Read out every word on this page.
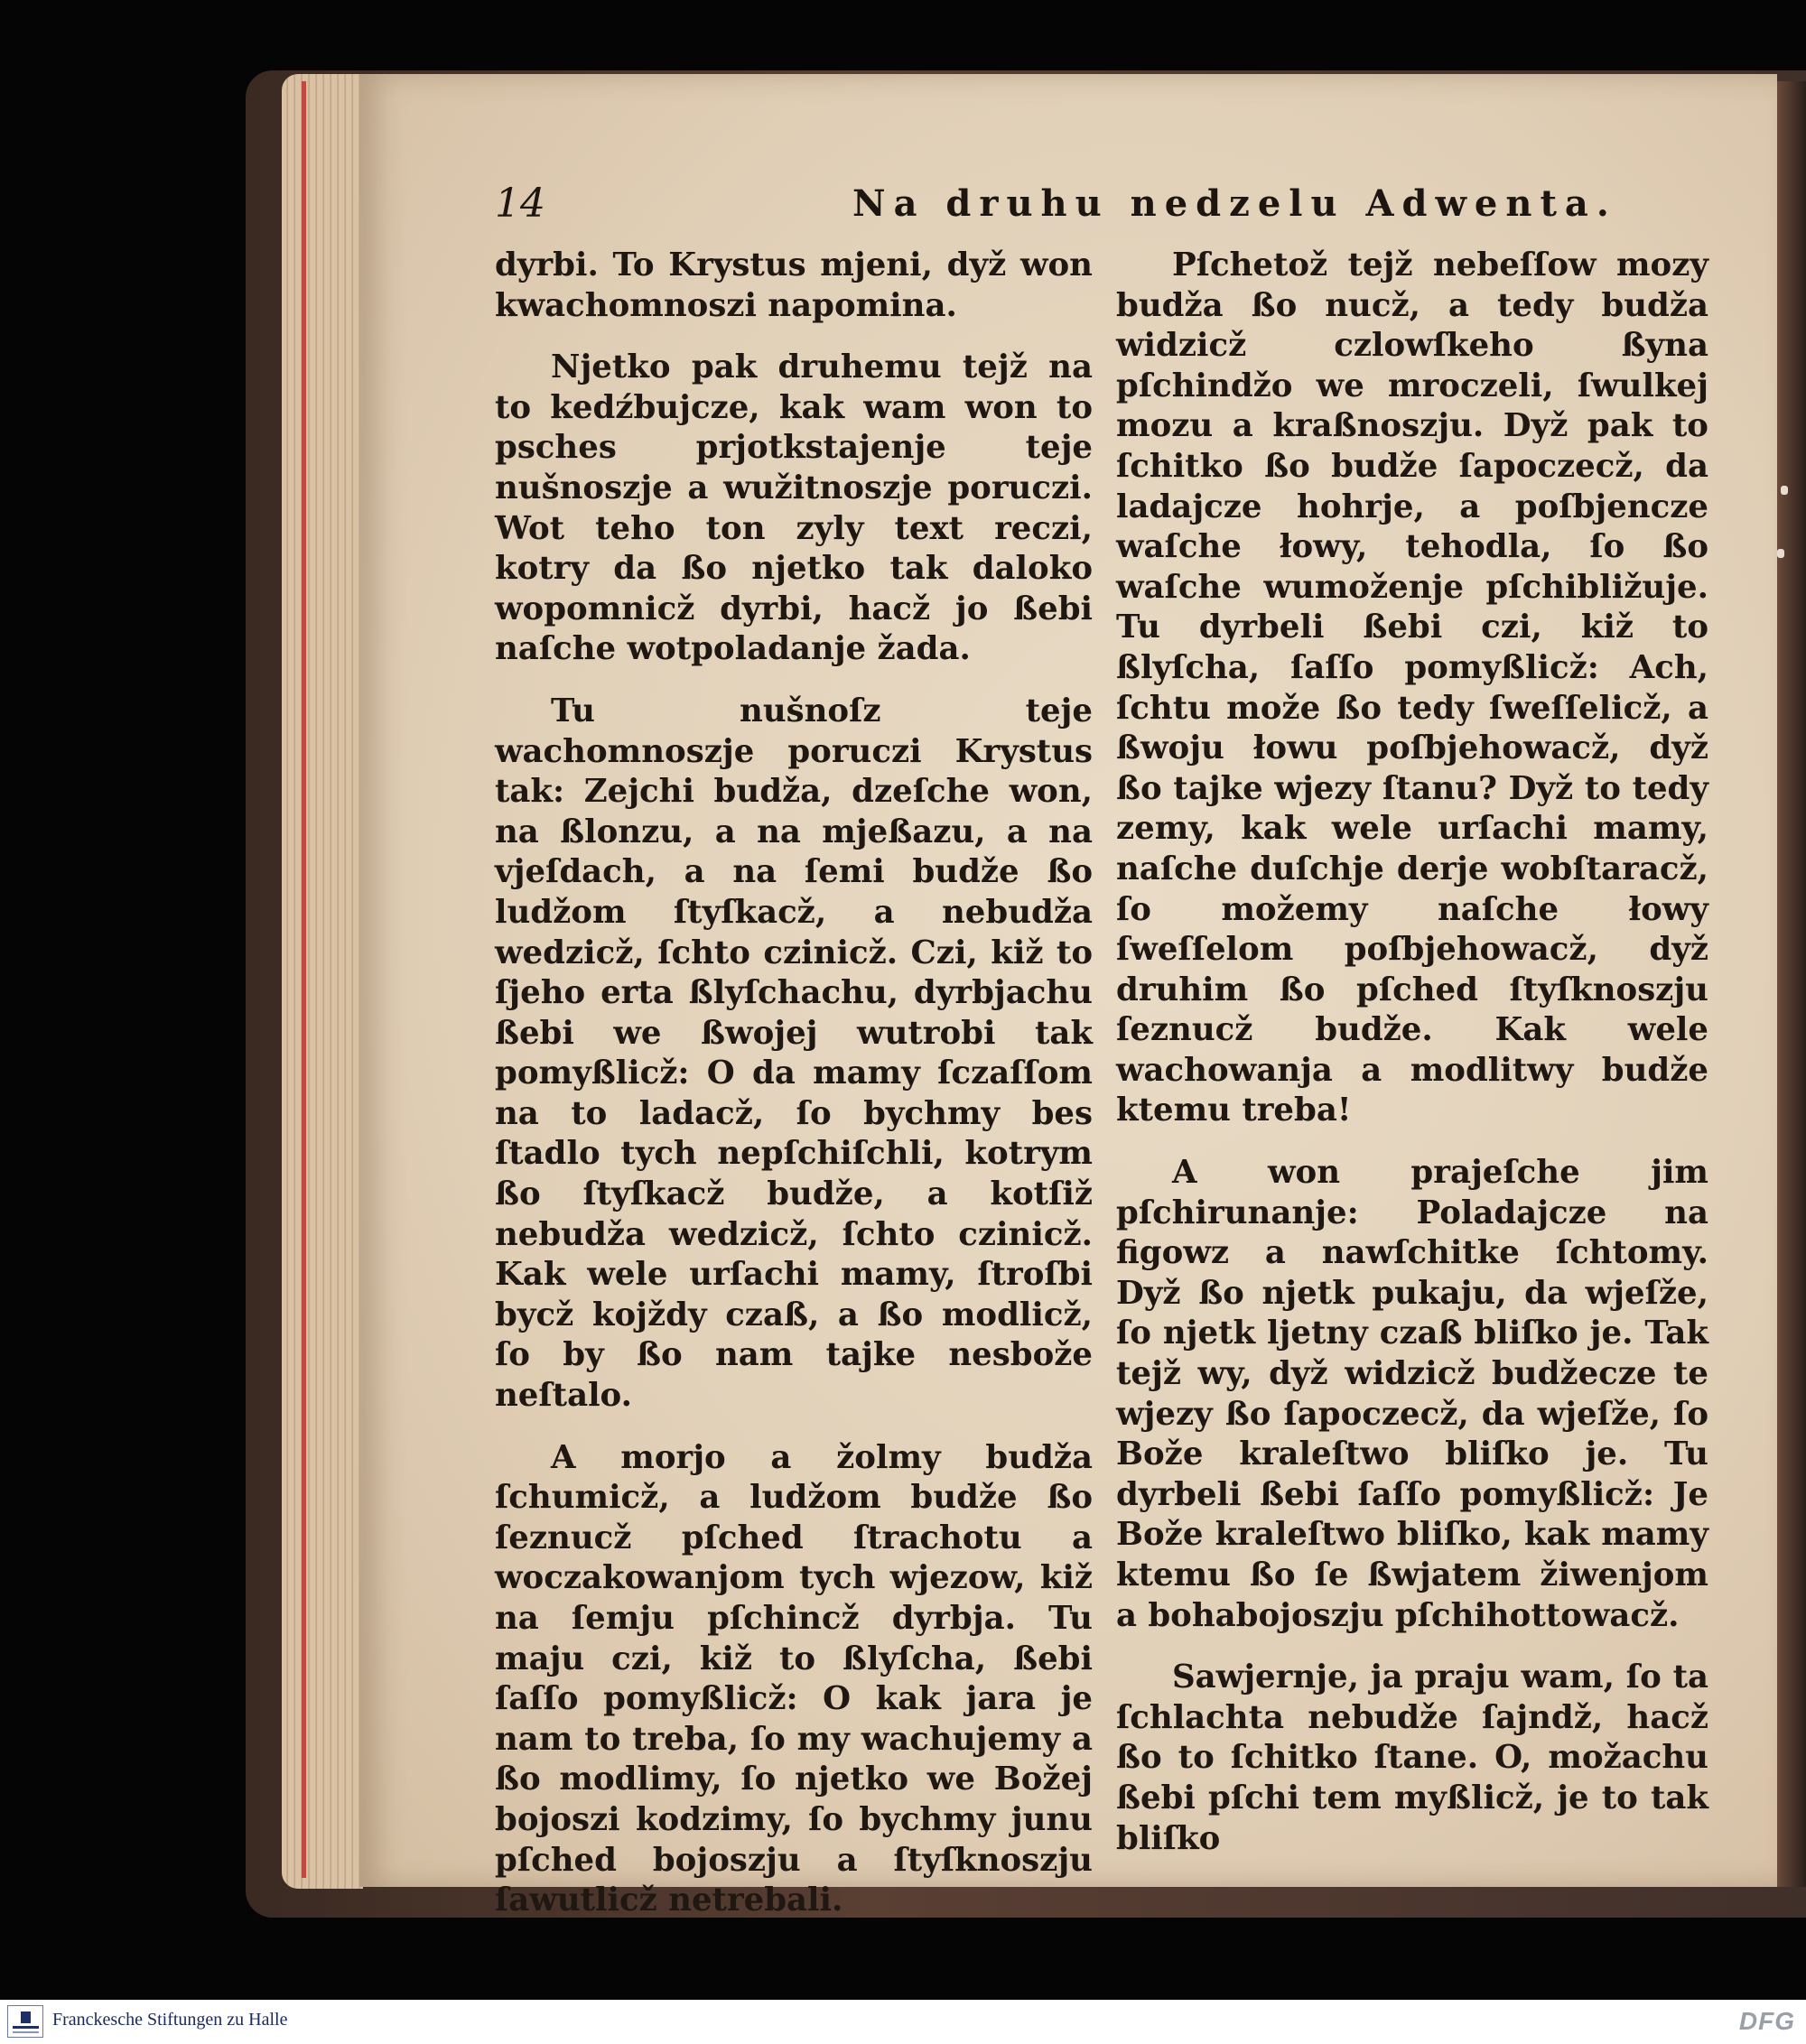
14	Na druhu nedzelu Adwenta.

dyrbi. To Krystus mjeni, dyž won kwachomnoszi napomina.

Njetko pak druhemu tejž na to kedźbujcze, kak wam won to psches prjotkstajenje teje nušnoszje a wužitnoszje poruczi. Wot teho ton zyly text reczi, kotry da ßo njetko tak daloko wopomnicž dyrbi, hacž jo ßebi naſche wotpoladanje žada.

Tu nušnoſz teje wachomnoszje poruczi Krystus tak: Zejchi budža, dzeſche won, na ßlonzu, a na mjeßazu, a na vjeſdach, a na ſemi budže ßo ludžom ſtyſkacž, a nebudža wedzicž, ſchto czinicž. Czi, kiž to ſjeho erta ßlyſchachu, dyrbjachu ßebi we ßwojej wutrobi tak pomyßlicž: O da mamy ſczaſſom na to ladacž, ſo bychmy bes ſtadlo tych nepſchiſchli, kotrym ßo ſtyſkacž budže, a kotſiž nebudža wedzicž, ſchto czinicž. Kak wele urſachi mamy, ſtroſbi bycž kojždy czaß, a ßo modlicž, ſo by ßo nam tajke nesbože neſtalo.

A morjo a žolmy budža ſchumicž, a ludžom budže ßo ſeznucž pſched ſtrachotu a woczakowanjom tych wjezow, kiž na ſemju pſchincž dyrbja. Tu maju czi, kiž to ßlyſcha, ßebi ſaſſo pomyßlicž: O kak jara je nam to treba, ſo my wachujemy a ßo modlimy, ſo njetko we Božej bojoszi kodzimy, ſo bychmy junu pſched bojoszju a ſtyſknoszju ſawutlicž netrebali.

Pſchetož tejž nebeſſow mozy budža ßo nucž, a tedy budža widzicž czlowſkeho ßyna pſchindžo we mroczeli, ſwulkej mozu a kraßnoszju. Dyž pak to ſchitko ßo budže ſapoczecž, da ladajcze hohrje, a poſbjencze waſche łowy, tehodla, ſo ßo waſche wumoženje pſchibližuje. Tu dyrbeli ßebi czi, kiž to ßlyſcha, ſaſſo pomyßlicž: Ach, ſchtu može ßo tedy ſweſſelicž, a ßwoju łowu poſbjehowacž, dyž ßo tajke wjezy ſtanu? Dyž to tedy zemy, kak wele urſachi mamy, naſche duſchje derje wobſtaracž, ſo možemy naſche łowy ſweſſelom poſbjehowacž, dyž druhim ßo pſched ſtyſknoszju ſeznucž budže. Kak wele wachowanja a modlitwy budže ktemu treba!

A won prajeſche jim pſchirunanje: Poladajcze na figowz a nawſchitke ſchtomy. Dyž ßo njetk pukaju, da wjeſže, ſo njetk ljetny czaß bliſko je. Tak tejž wy, dyž widzicž budžecze te wjezy ßo ſapoczecž, da wjeſže, ſo Bože kraleſtwo bliſko je. Tu dyrbeli ßebi ſaſſo pomyßlicž: Je Bože kraleſtwo bliſko, kak mamy ktemu ßo ſe ßwjatem žiwenjom a bohabojoszju pſchihottowacž.

Sawjernje, ja praju wam, ſo ta ſchlachta nebudže ſajndž, hacž ßo to ſchitko ſtane. O, možachu ßebi pſchi tem myßlicž, je to tak bliſko

Franckesche Stiftungen zu Halle	DFG
